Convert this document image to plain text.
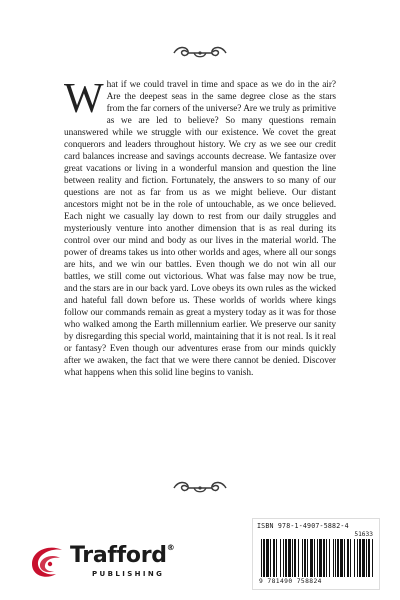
What if we could travel in time and space as we do in the air? Are the deepest seas in the same degree close as the stars from the far corners of the universe? Are we truly as primitive as we are led to believe? So many questions remain unanswered while we struggle with our existence. We covet the great conquerors and leaders throughout history. We cry as we see our credit card balances increase and savings accounts decrease. We fantasize over great vacations or living in a wonderful mansion and question the line between reality and fiction. Fortunately, the answers to so many of our questions are not as far from us as we might believe. Our distant ancestors might not be in the role of untouchable, as we once believed. Each night we casually lay down to rest from our daily struggles and mysteriously venture into another dimension that is as real during its control over our mind and body as our lives in the material world. The power of dreams takes us into other worlds and ages, where all our songs are hits, and we win our battles. Even though we do not win all our battles, we still come out victorious. What was false may now be true, and the stars are in our back yard. Love obeys its own rules as the wicked and hateful fall down before us. These worlds of worlds where kings follow our commands remain as great a mystery today as it was for those who walked among the Earth millennium earlier. We preserve our sanity by disregarding this special world, maintaining that it is not real. Is it real or fantasy? Even though our adventures erase from our minds quickly after we awaken, the fact that we were there cannot be denied. Discover what happens when this solid line begins to vanish.

ISBN 978-1-4907-5882-4
51633
9 781490 758824
Trafford®
PUBLISHING
